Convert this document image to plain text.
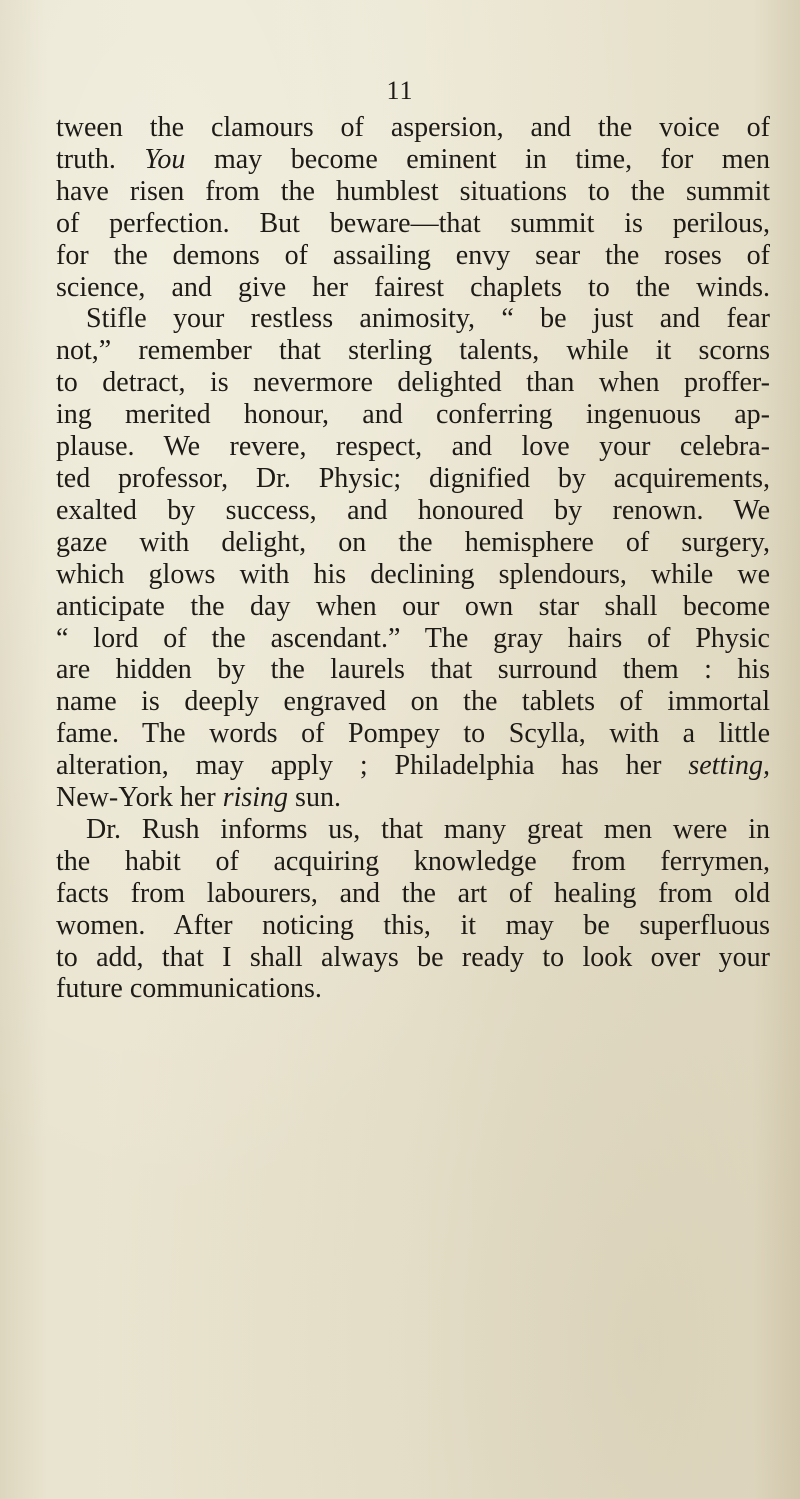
11
tween the clamours of aspersion, and the voice of
truth. You may become eminent in time, for men
have risen from the humblest situations to the summit
of perfection. But beware—that summit is perilous,
for the demons of assailing envy sear the roses of
science, and give her fairest chaplets to the winds.
Stifle your restless animosity, “ be just and fear
not,” remember that sterling talents, while it scorns
to detract, is nevermore delighted than when proffer-
ing merited honour, and conferring ingenuous ap-
plause. We revere, respect, and love your celebra-
ted professor, Dr. Physic; dignified by acquirements,
exalted by success, and honoured by renown. We
gaze with delight, on the hemisphere of surgery,
which glows with his declining splendours, while we
anticipate the day when our own star shall become
“ lord of the ascendant.” The gray hairs of Physic
are hidden by the laurels that surround them : his
name is deeply engraved on the tablets of immortal
fame. The words of Pompey to Scylla, with a little
alteration, may apply ; Philadelphia has her setting,
New-York her rising sun.
Dr. Rush informs us, that many great men were in
the habit of acquiring knowledge from ferrymen,
facts from labourers, and the art of healing from old
women. After noticing this, it may be superfluous
to add, that I shall always be ready to look over your
future communications.
